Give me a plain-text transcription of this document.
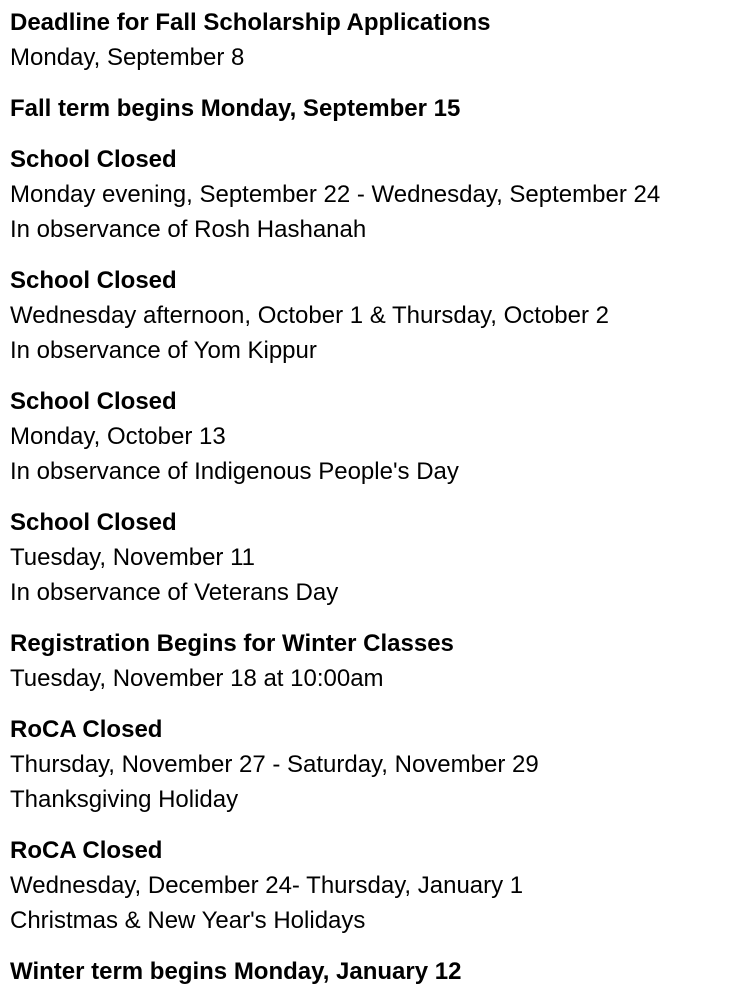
Deadline for Fall Scholarship Applications
Monday, September 8
Fall term begins Monday, September 15
School Closed
Monday evening, September 22 - Wednesday, September 24
In observance of Rosh Hashanah
School Closed
Wednesday afternoon, October 1 & Thursday, October 2
In observance of Yom Kippur
School Closed
Monday, October 13
In observance of Indigenous People's Day
School Closed
Tuesday, November 11
In observance of Veterans Day
Registration Begins for Winter Classes
Tuesday, November 18 at 10:00am
RoCA Closed
Thursday, November 27 - Saturday, November 29
Thanksgiving Holiday
RoCA Closed
Wednesday, December 24- Thursday, January 1
Christmas & New Year's Holidays
Winter term begins Monday, January 12
